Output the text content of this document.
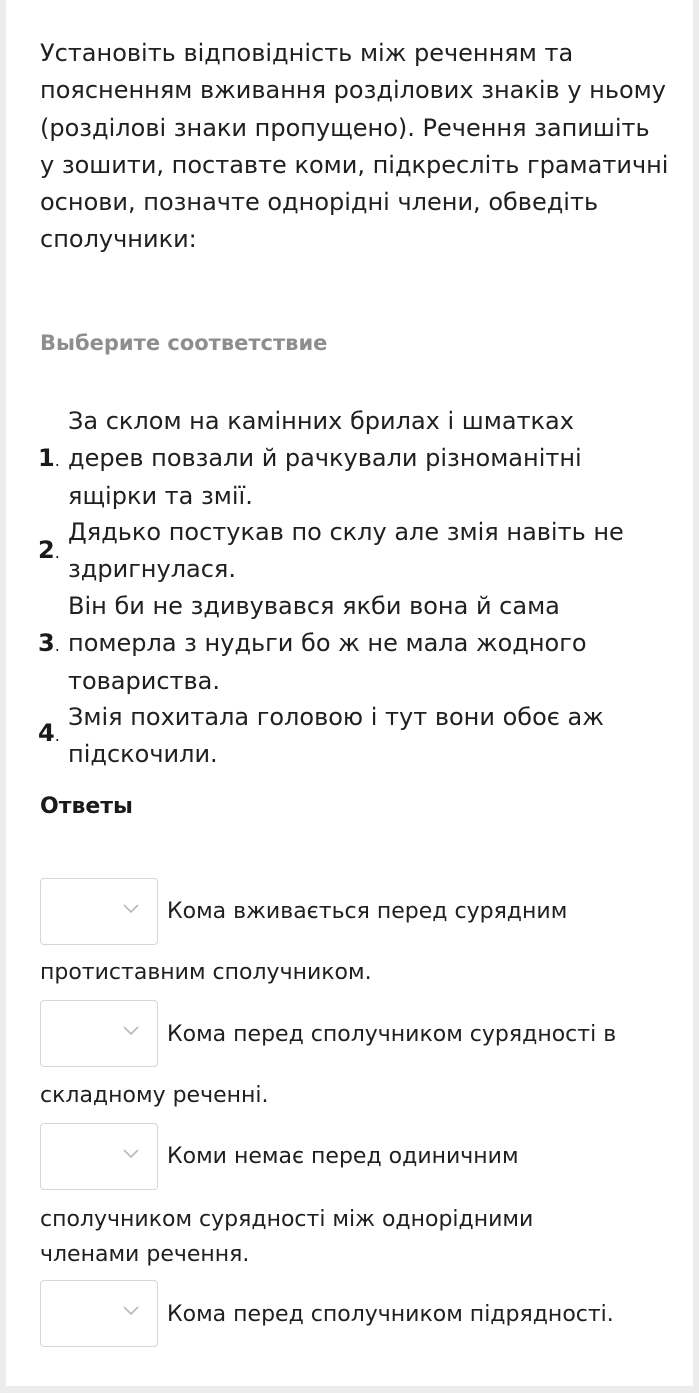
Установіть відповідність між реченням та поясненням вживання розділових знаків у ньому (розділові знаки пропущено). Речення запишіть у зошити, поставте коми, підкресліть граматичні основи, позначте однорідні члени, обведіть сполучники:

Выберите соответствие
1.
За склом на камінних брилах і шматках дерев повзали й рачкували різноманітні ящірки та змії.
2.
Дядько постукав по склу але змія навіть не здригнулася.
3.
Він би не здивувався якби вона й сама померла з нудьги бо ж не мала жодного товариства.
4.
Змія похитала головою і тут вони обоє аж підскочили.
Ответы
Кома вживається перед сурядним
протиставним сполучником.
Кома перед сполучником сурядності в
складному реченні.
Коми немає перед одиничним
сполучником сурядності між однорідними
членами речення.
Кома перед сполучником підрядності.
